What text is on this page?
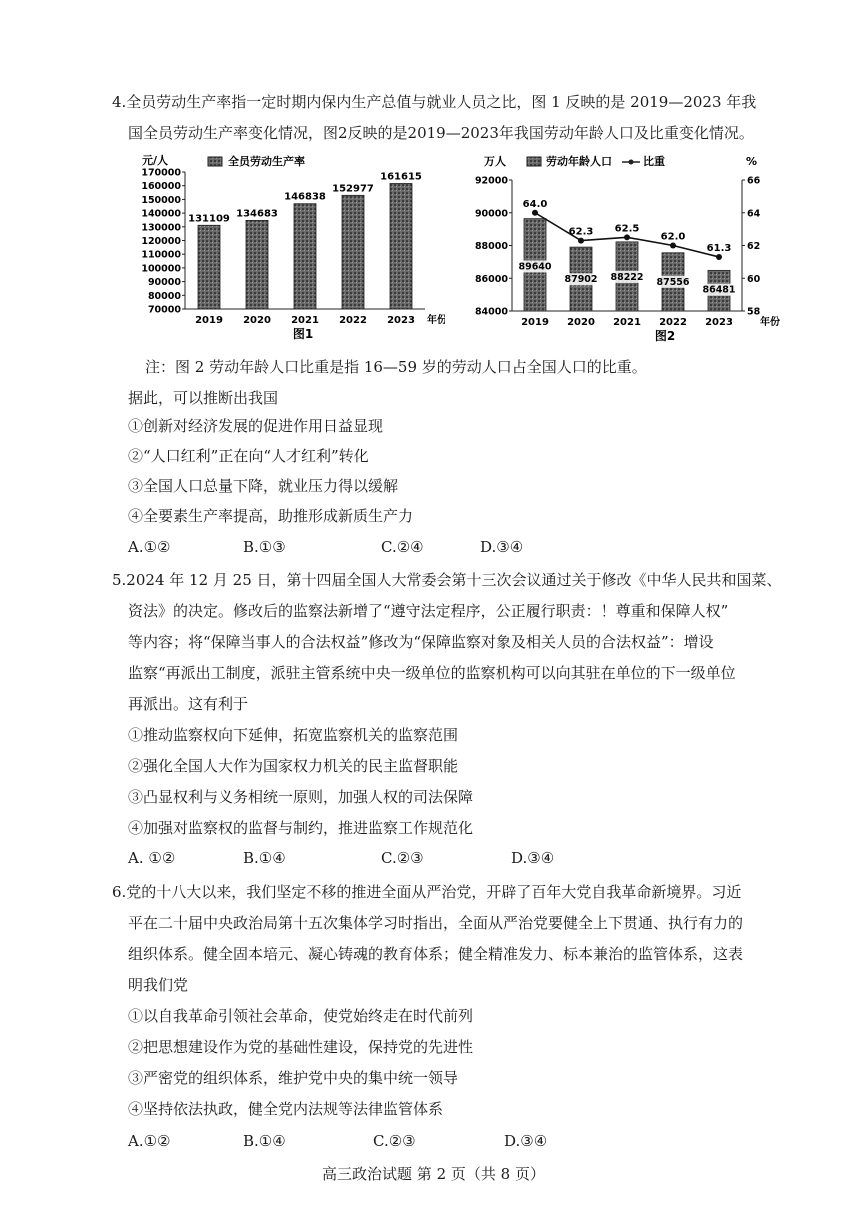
4.全员劳动生产率指一定时期内保内生产总值与就业人员之比，图 1 反映的是 2019—2023 年我
国全员劳动生产率变化情况，图2反映的是2019—2023年我国劳动年龄人口及比重变化情况。
70000
80000
90000
100000
110000
120000
130000
140000
150000
160000
170000
元/人	全员劳动生产率
131109
2019
134683
2020
146838
2021
152977
2022
161615
2023 年份
图1
84000
86000
88000
90000
92000
58
60
62
64
66
万人	%
劳动年龄人口	比重
89640
2019
87902
2020
88222
2021
87556
2022
86481
2023
64.0
62.3 62.5
62.0
61.3
年份
图2
注：图 2 劳动年龄人口比重是指 16—59 岁的劳动人口占全国人口的比重。
据此，可以推断出我国
①创新对经济发展的促进作用日益显现
②“人口红利”正在向“人才红利”转化
③全国人口总量下降，就业压力得以缓解
④全要素生产率提高，助推形成新质生产力
A.①②	B.①③	C.②④	D.③④
5.2024 年 12 月 25 日，第十四届全国人大常委会第十三次会议通过关于修改《中华人民共和国菜、
资法》的决定。修改后的监察法新增了“遵守法定程序，公正履行职责：！尊重和保障人权”
等内容；将“保障当事人的合法权益”修改为“保障监察对象及相关人员的合法权益”：增设
监察“再派出工制度，派驻主管系统中央一级单位的监察机构可以向其驻在单位的下一级单位
再派出。这有利于
①推动监察权向下延伸，拓宽监察机关的监察范围
②强化全国人大作为国家权力机关的民主监督职能
③凸显权利与义务相统一原则，加强人权的司法保障
④加强对监察权的监督与制约，推进监察工作规范化
A. ①②	B.①④	C.②③	D.③④
6.党的十八大以来，我们坚定不移的推进全面从严治党，开辟了百年大党自我革命新境界。习近
平在二十届中央政治局第十五次集体学习时指出，全面从严治党要健全上下贯通、执行有力的
组织体系。健全固本培元、凝心铸魂的教育体系；健全精准发力、标本兼治的监管体系，这表
明我们党
①以自我革命引领社会革命，使党始终走在时代前列
②把思想建设作为党的基础性建设，保持党的先进性
③严密党的组织体系，维护党中央的集中统一领导
④坚持依法执政，健全党内法规等法律监管体系
A.①②	B.①④	C.②③	D.③④
高三政治试题 第 2 页（共 8 页）
